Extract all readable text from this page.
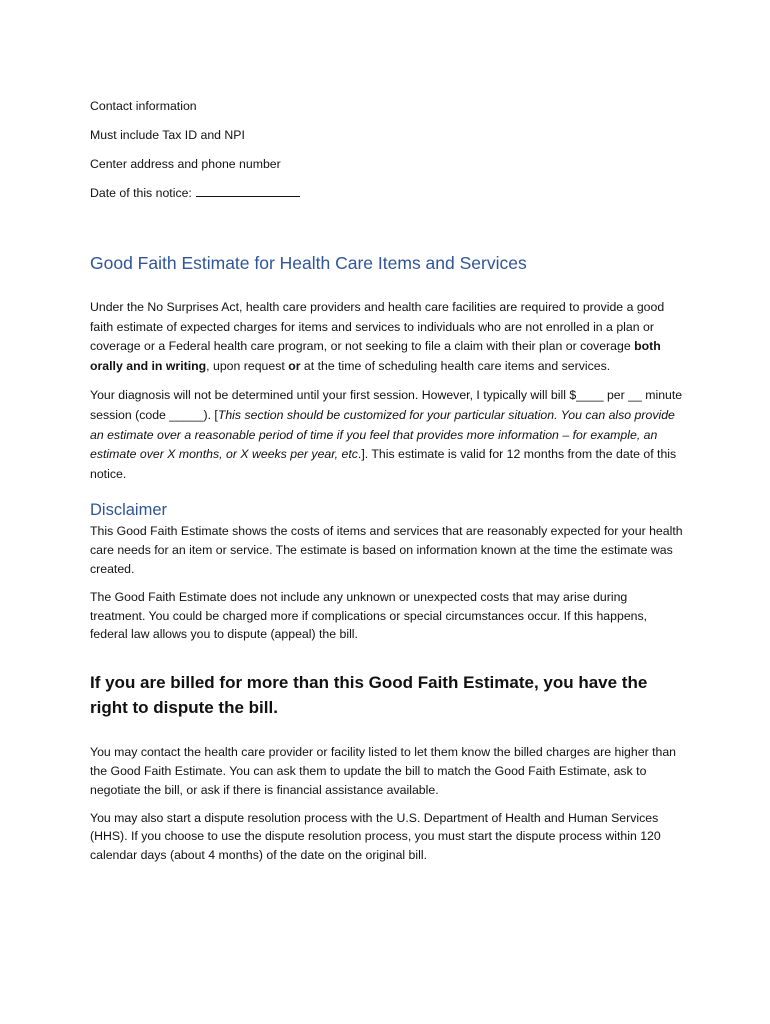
Contact information

Must include Tax ID and NPI

Center address and phone number

Date of this notice:

Good Faith Estimate for Health Care Items and Services

Under the No Surprises Act, health care providers and health care facilities are required to provide a good faith estimate of expected charges for items and services to individuals who are not enrolled in a plan or coverage or a Federal health care program, or not seeking to file a claim with their plan or coverage both orally and in writing, upon request or at the time of scheduling health care items and services.

Your diagnosis will not be determined until your first session. However, I typically will bill $____ per __ minute session (code _____). [This section should be customized for your particular situation. You can also provide an estimate over a reasonable period of time if you feel that provides more information – for example, an estimate over X months, or X weeks per year, etc.]. This estimate is valid for 12 months from the date of this notice.

Disclaimer

This Good Faith Estimate shows the costs of items and services that are reasonably expected for your health care needs for an item or service. The estimate is based on information known at the time the estimate was created.

The Good Faith Estimate does not include any unknown or unexpected costs that may arise during treatment. You could be charged more if complications or special circumstances occur. If this happens, federal law allows you to dispute (appeal) the bill.

If you are billed for more than this Good Faith Estimate, you have the right to dispute the bill.

You may contact the health care provider or facility listed to let them know the billed charges are higher than the Good Faith Estimate. You can ask them to update the bill to match the Good Faith Estimate, ask to negotiate the bill, or ask if there is financial assistance available.

You may also start a dispute resolution process with the U.S. Department of Health and Human Services (HHS). If you choose to use the dispute resolution process, you must start the dispute process within 120 calendar days (about 4 months) of the date on the original bill.
